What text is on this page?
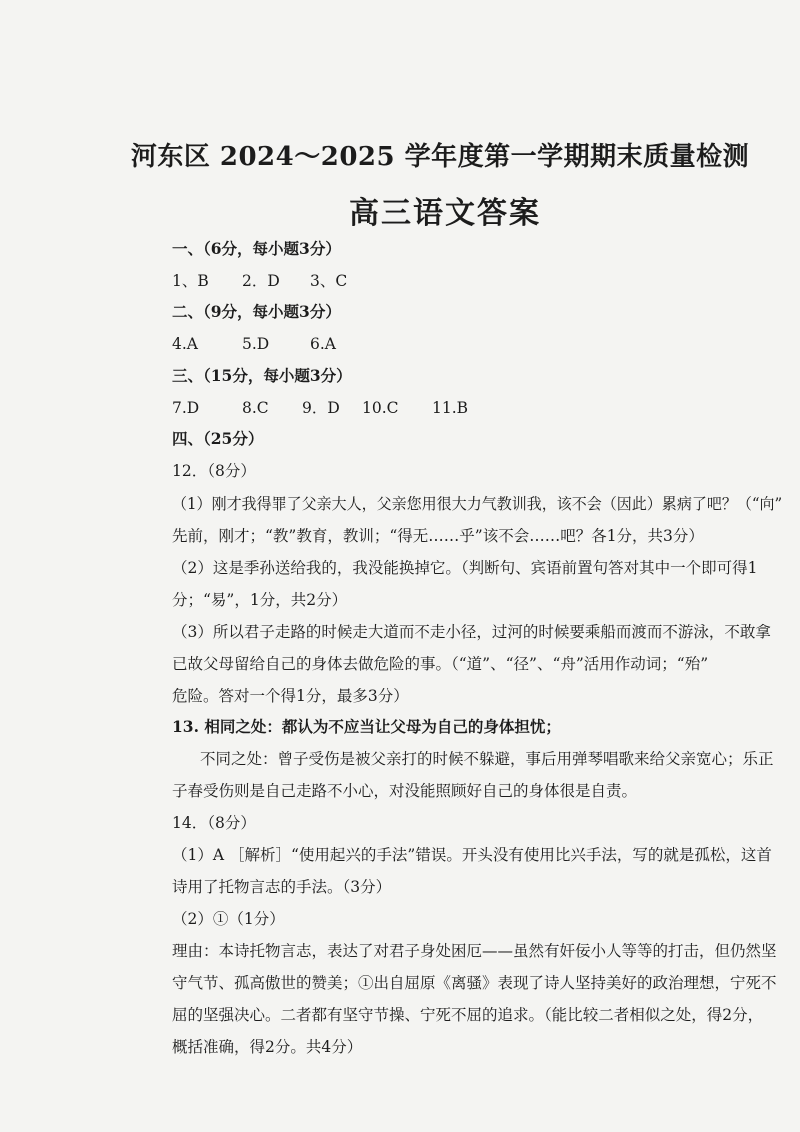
河东区 2024～2025 学年度第一学期期末质量检测
高三语文答案
一、（6分，每小题3分）
1、B 2．D 3、C
二、（9分，每小题3分）
4.A	5.D	6.A
三、（15分，每小题3分）
7.D	8.C 9．D 10.C 11.B
四、（25分）
12．（8分）
（1）刚才我得罪了父亲大人，父亲您用很大力气教训我，该不会（因此）累病了吧？（“向”
先前，刚才；“教”教育，教训；“得无……乎”该不会……吧？各1分，共3分）
（2）这是季孙送给我的，我没能换掉它。（判断句、宾语前置句答对其中一个即可得1
分；“易”，1分，共2分）
（3）所以君子走路的时候走大道而不走小径，过河的时候要乘船而渡而不游泳，不敢拿
已故父母留给自己的身体去做危险的事。（“道”、“径”、“舟”活用作动词；“殆”
危险。答对一个得1分，最多3分）
13. 相同之处：都认为不应当让父母为自己的身体担忧；
不同之处：曾子受伤是被父亲打的时候不躲避，事后用弹琴唱歌来给父亲宽心；乐正
子春受伤则是自己走路不小心，对没能照顾好自己的身体很是自责。
14．（8分）
（1）A ［解析］“使用起兴的手法”错误。开头没有使用比兴手法，写的就是孤松，这首
诗用了托物言志的手法。（3分）
（2）①（1分）
理由：本诗托物言志，表达了对君子身处困厄——虽然有奸佞小人等等的打击，但仍然坚
守气节、孤高傲世的赞美；①出自屈原《离骚》表现了诗人坚持美好的政治理想，宁死不
屈的坚强决心。二者都有坚守节操、宁死不屈的追求。（能比较二者相似之处，得2分，
概括准确，得2分。共4分）
